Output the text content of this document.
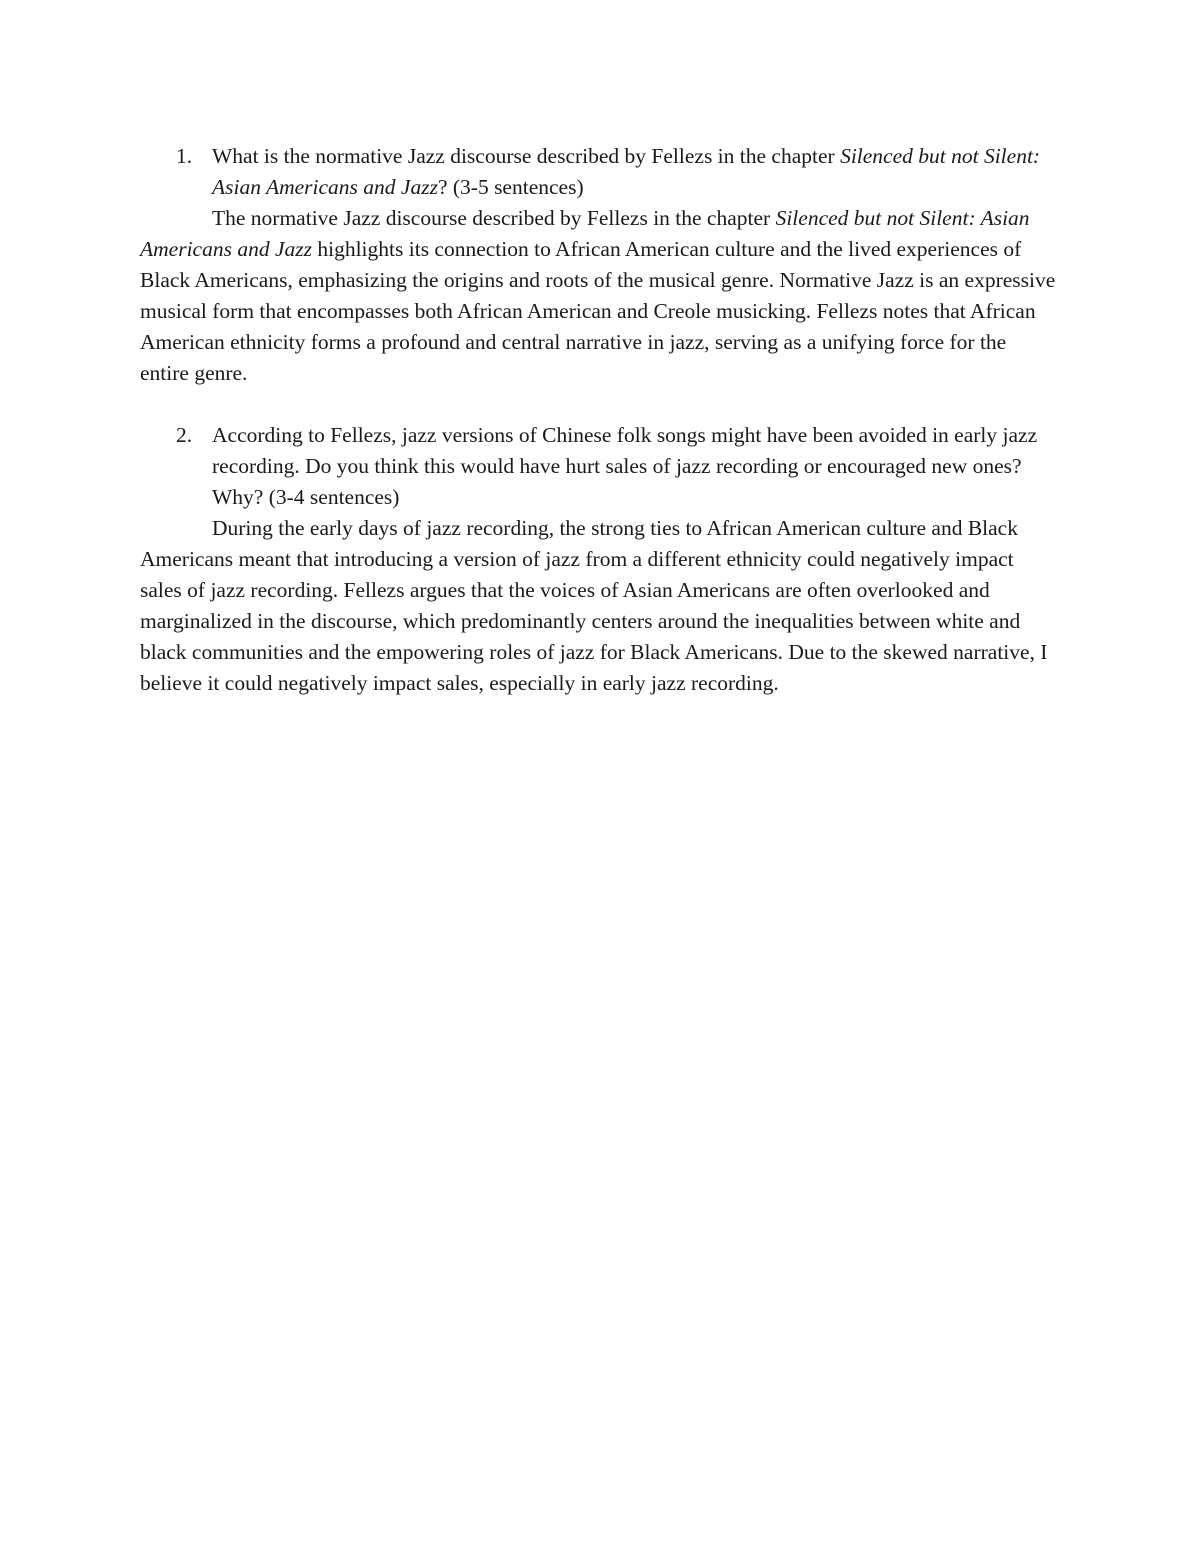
1. What is the normative Jazz discourse described by Fellezs in the chapter Silenced but not Silent: Asian Americans and Jazz? (3-5 sentences)
The normative Jazz discourse described by Fellezs in the chapter Silenced but not Silent: Asian Americans and Jazz highlights its connection to African American culture and the lived experiences of Black Americans, emphasizing the origins and roots of the musical genre. Normative Jazz is an expressive musical form that encompasses both African American and Creole musicking. Fellezs notes that African American ethnicity forms a profound and central narrative in jazz, serving as a unifying force for the entire genre.
2. According to Fellezs, jazz versions of Chinese folk songs might have been avoided in early jazz recording. Do you think this would have hurt sales of jazz recording or encouraged new ones? Why? (3-4 sentences)
During the early days of jazz recording, the strong ties to African American culture and Black Americans meant that introducing a version of jazz from a different ethnicity could negatively impact sales of jazz recording. Fellezs argues that the voices of Asian Americans are often overlooked and marginalized in the discourse, which predominantly centers around the inequalities between white and black communities and the empowering roles of jazz for Black Americans. Due to the skewed narrative, I believe it could negatively impact sales, especially in early jazz recording.
